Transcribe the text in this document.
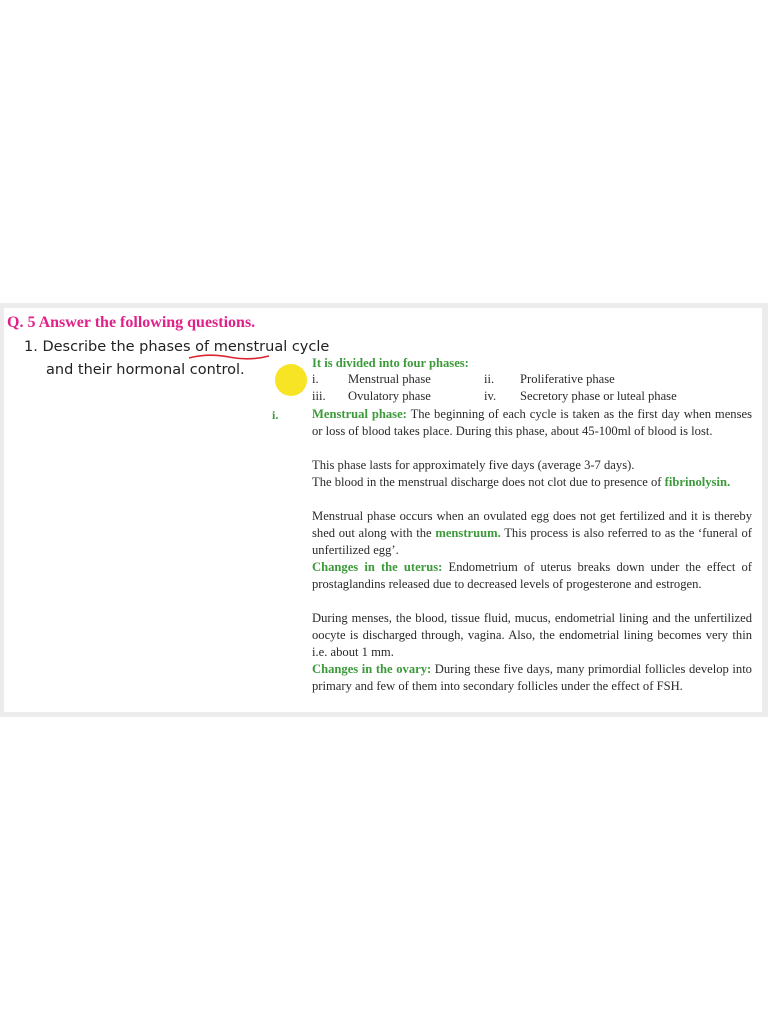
Q. 5 Answer the following questions.
1. Describe the phases of menstrual cycle
and their hormonal control.	It is divided into four phases:
i. Menstrual phase	ii. Proliferative phase
iii. Ovulatory phase	iv. Secretory phase or luteal phase
i.	Menstrual phase: The beginning of each cycle is taken as the first day when menses or loss of blood takes place. During this phase, about 45-100ml of blood is lost.

This phase lasts for approximately five days (average 3-7 days).

The blood in the menstrual discharge does not clot due to presence of fibrinolysin.

Menstrual phase occurs when an ovulated egg does not get fertilized and it is thereby shed out along with the menstruum. This process is also referred to as the ‘funeral of unfertilized egg’.

Changes in the uterus: Endometrium of uterus breaks down under the effect of prostaglandins released due to decreased levels of progesterone and estrogen.

During menses, the blood, tissue fluid, mucus, endometrial lining and the unfertilized oocyte is discharged through, vagina. Also, the endometrial lining becomes very thin i.e. about 1 mm.

Changes in the ovary: During these five days, many primordial follicles develop into primary and few of them into secondary follicles under the effect of FSH.
